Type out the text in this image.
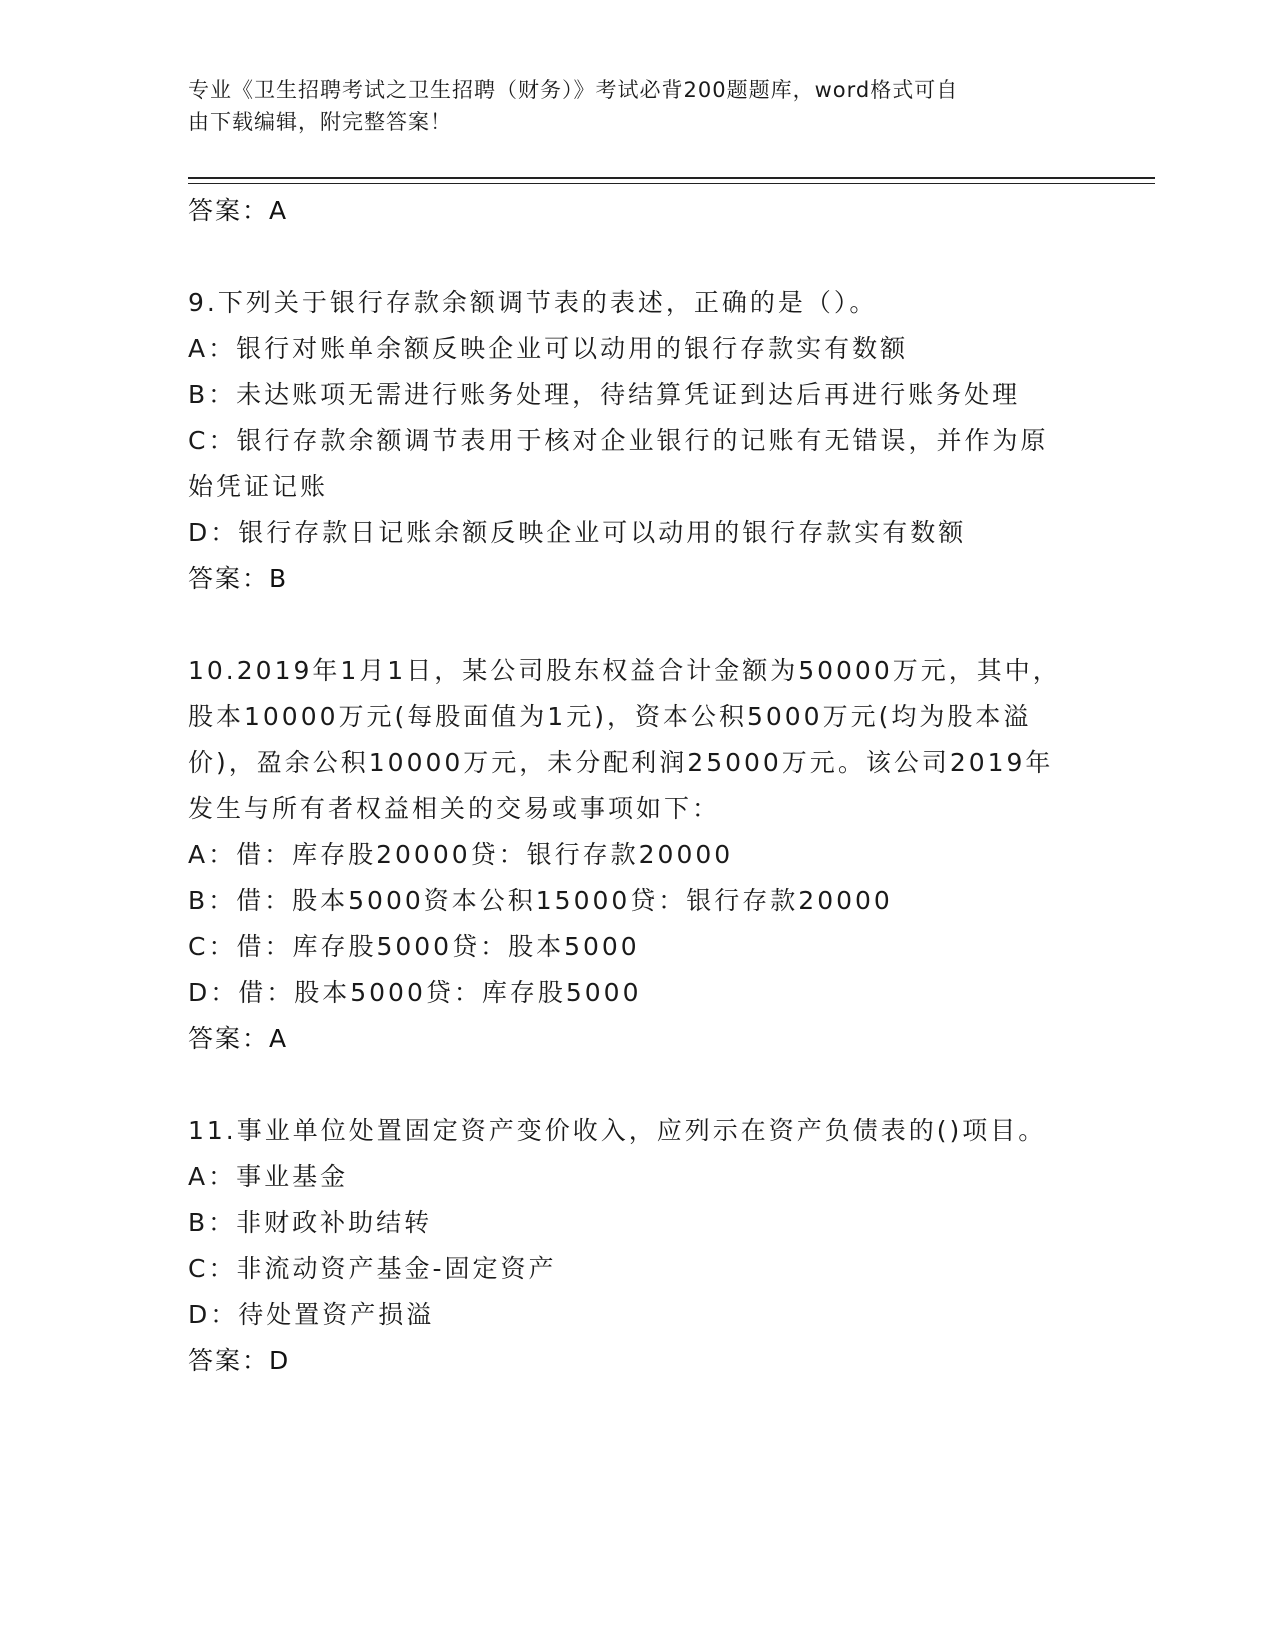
专业《卫生招聘考试之卫生招聘（财务）》考试必背200题题库，word格式可自
由下载编辑，附完整答案！
答案：A
9.下列关于银行存款余额调节表的表述，正确的是（）。
A：银行对账单余额反映企业可以动用的银行存款实有数额
B：未达账项无需进行账务处理，待结算凭证到达后再进行账务处理
C：银行存款余额调节表用于核对企业银行的记账有无错误，并作为原
始凭证记账
D：银行存款日记账余额反映企业可以动用的银行存款实有数额
答案：B
10.2019年1月1日，某公司股东权益合计金额为50000万元，其中，
股本10000万元(每股面值为1元)，资本公积5000万元(均为股本溢
价)，盈余公积10000万元，未分配利润25000万元。该公司2019年
发生与所有者权益相关的交易或事项如下：
A：借：库存股20000贷：银行存款20000
B：借：股本5000资本公积15000贷：银行存款20000
C：借：库存股5000贷：股本5000
D：借：股本5000贷：库存股5000
答案：A
11.事业单位处置固定资产变价收入，应列示在资产负债表的()项目。
A：事业基金
B：非财政补助结转
C：非流动资产基金-固定资产
D：待处置资产损溢
答案：D
